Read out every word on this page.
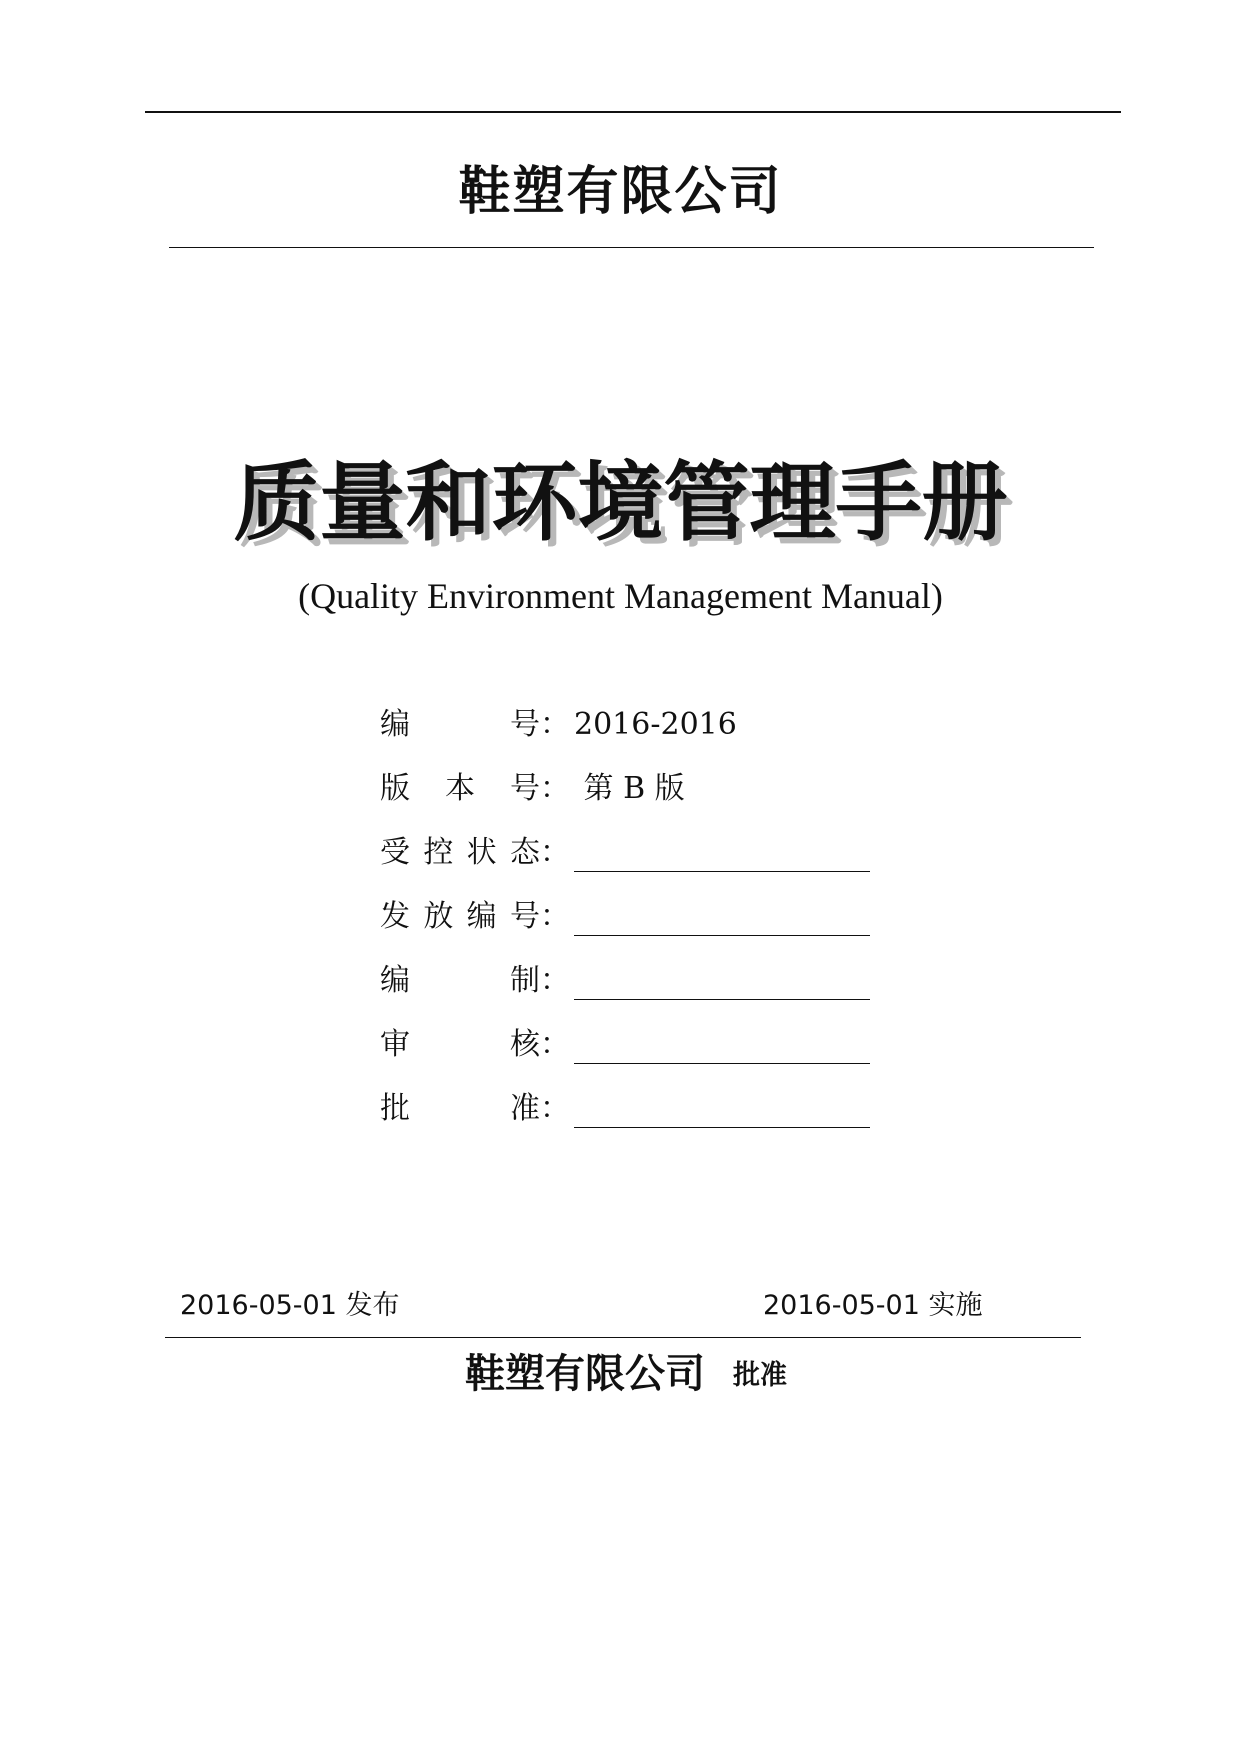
鞋塑有限公司
质量和环境管理手册
(Quality Environment Management Manual)
编	号 ： 2016-2016
版 本 号 ： 第 B 版
受 控 状 态 ：
发 放 编 号 ：
编	制 ：
审	核 ：
批	准 ：
2016-05-01 发布	2016-05-01 实施
鞋塑有限公司 批准
